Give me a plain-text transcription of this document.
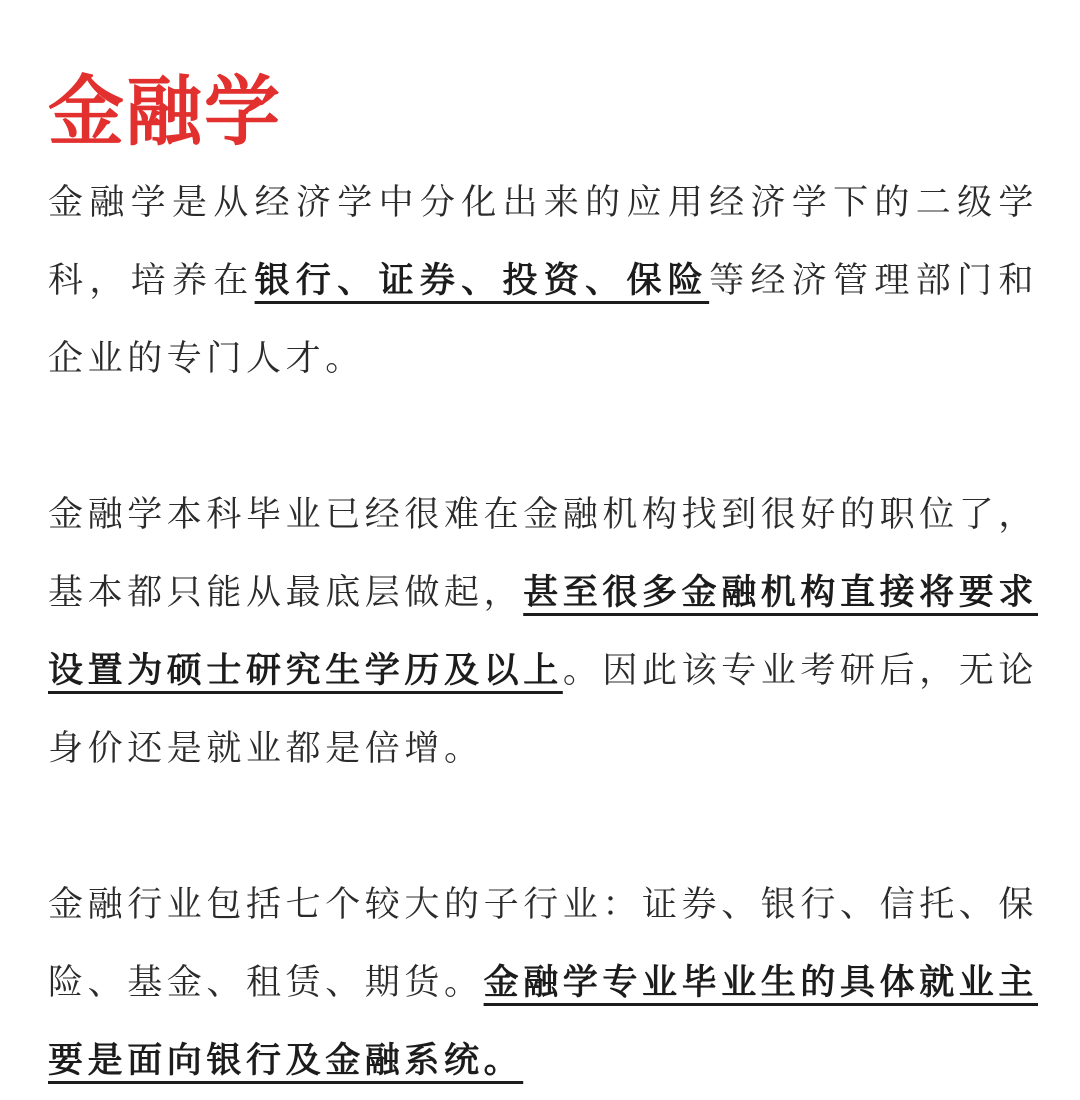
金融学

金融学是从经济学中分化出来的应用经济学下的二级学科，培养在银行、证券、投资、保险等经济管理部门和企业的专门人才。

金融学本科毕业已经很难在金融机构找到很好的职位了，基本都只能从最底层做起，甚至很多金融机构直接将要求设置为硕士研究生学历及以上。因此该专业考研后，无论身价还是就业都是倍增。

金融行业包括七个较大的子行业：证券、银行、信托、保险、基金、租赁、期货。金融学专业毕业生的具体就业主要是面向银行及金融系统。
